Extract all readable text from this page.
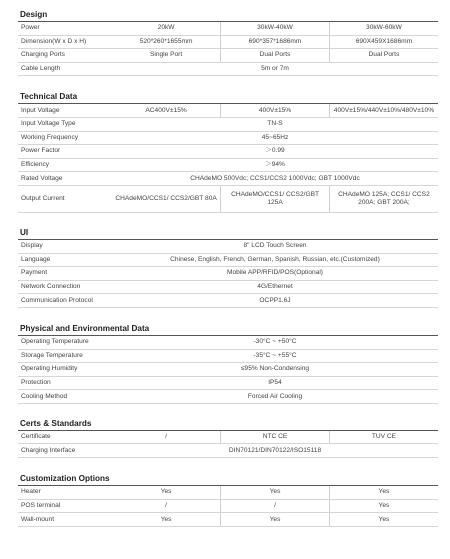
Design
Power	20kW	30kW-40kW	30kW-60kW
Dimension(W x D x H)	520*260*1655mm	690*357*1686mm	690X459X1686mm
Charging Ports	Single Port	Dual Ports	Dual Ports
Cable Length	5m or 7m		
Technical Data
Input Voltage	AC400V±15%	400V±15%	400V±15%/440V±10%/480V±10%
Input Voltage Type	TN-S		
Working Frequency	45~65Hz		
Power Factor	＞0.99		
Efficiency	＞94%		
Rated Voltage	CHAdeMO 500Vdc; CCS1/CCS2 1000Vdc; GBT 1000Vdc		
Output Current	CHAdeMO/CCS1/ CCS2/GBT 80A	CHAdeMO/CCS1/ CCS2/GBT 125A	CHAdeMO 125A; CCS1/ CCS2 200A; GBT 200A;
UI
Display	8" LCD Touch Screen
Language	Chinese, English, French, German, Spanish, Russian, etc.(Customized)
Payment	Mobile APP/RFID/POS(Optional)
Network Connection	4G/Ethernet
Communication Protocol	OCPP1.6J
Physical and Environmental Data
Operating Temperature	-30°C ~ +50°C
Storage Temperature	-35°C ~ +55°C
Operating Humidity	≤95% Non-Condensing
Protection	IP54
Cooling Method	Forced Air Cooling
Certs & Standards
Certificate	/	NTC CE	TUV CE
Charging Interface	DIN70121/DIN70122/ISO15118		
Customization Options
Heater	Yes	Yes	Yes
POS terminal	/	/	Yes
Wall-mount	Yes	Yes	Yes
